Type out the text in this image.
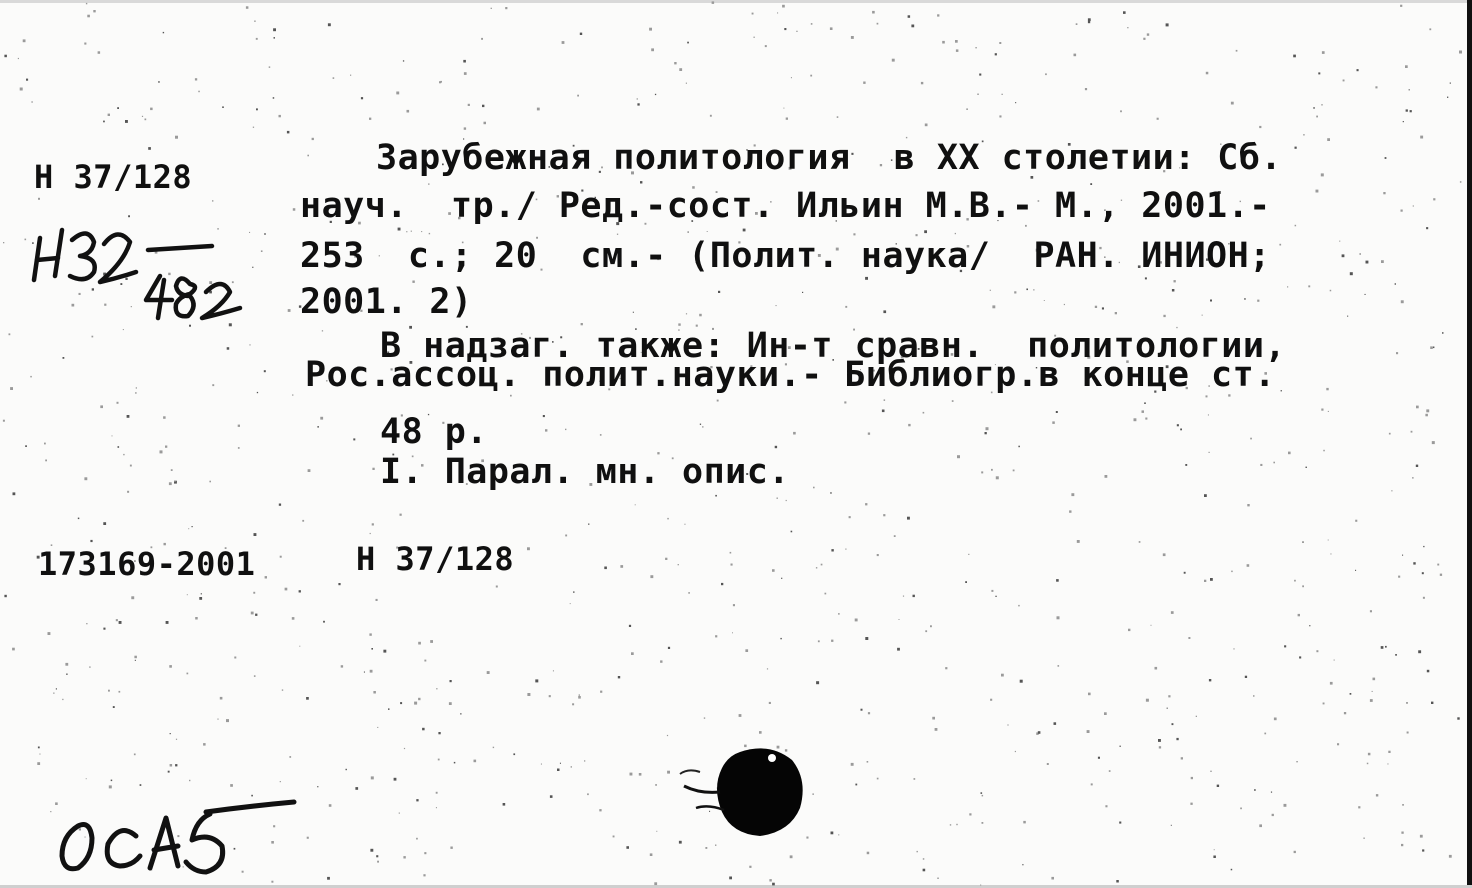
Н 37/128	Зарубежная политология  в XX столетии: Сб.

науч.  тр./ Ред.-сост. Ильин М.В.- М., 2001.-

253  с.; 20  см.- (Полит. наука/  РАН. ИНИОН;

2001. 2)

В надзаг. также: Ин-т сравн.  политологии,

Рос.ассоц. полит.науки.- Библиогр.в конце ст.

48 р.

I. Парал. мн. опис.

173169-2001	Н 37/128
